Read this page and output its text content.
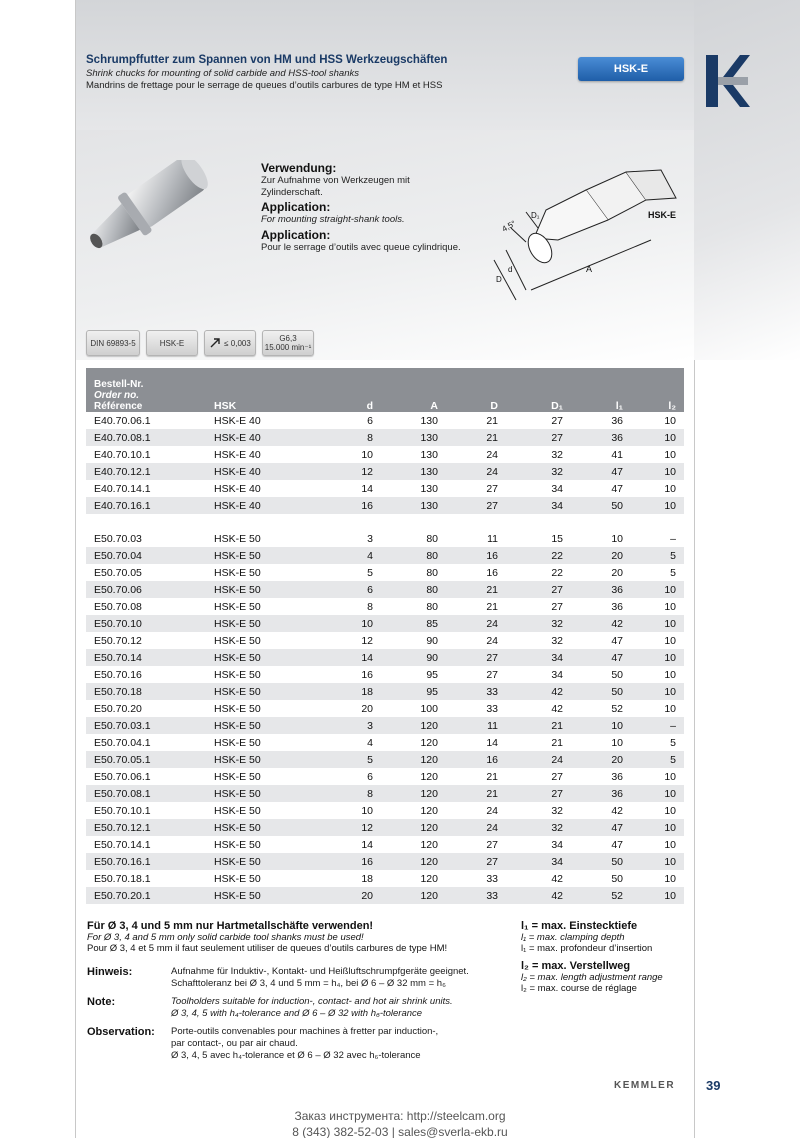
Schrumpffutter zum Spannen von HM und HSS Werkzeugschäften
Shrink chucks for mounting of solid carbide and HSS-tool shanks
Mandrins de frettage pour le serrage de queues d’outils carbures de type HM et HSS
HSK-E
Verwendung:
Zur Aufnahme von Werkzeugen mit Zylinderschaft.
Application:
For mounting straight-shank tools.
Application:
Pour le serrage d’outils avec queue cylindrique.
HSK-E
4,5°
D₁
d
D
A
DIN 69893-5	HSK-E	≤ 0,003	G6,3
15.000 min⁻¹
Bestell-Nr.
Order no.
Référence	HSK	d	A	D	D₁	l₁	l₂
E40.70.06.1	HSK-E 40	6	130	21	27	36	10
E40.70.08.1	HSK-E 40	8	130	21	27	36	10
E40.70.10.1	HSK-E 40	10	130	24	32	41	10
E40.70.12.1	HSK-E 40	12	130	24	32	47	10
E40.70.14.1	HSK-E 40	14	130	27	34	47	10
E40.70.16.1	HSK-E 40	16	130	27	34	50	10

E50.70.03	HSK-E 50	3	80	11	15	10	–
E50.70.04	HSK-E 50	4	80	16	22	20	5
E50.70.05	HSK-E 50	5	80	16	22	20	5
E50.70.06	HSK-E 50	6	80	21	27	36	10
E50.70.08	HSK-E 50	8	80	21	27	36	10
E50.70.10	HSK-E 50	10	85	24	32	42	10
E50.70.12	HSK-E 50	12	90	24	32	47	10
E50.70.14	HSK-E 50	14	90	27	34	47	10
E50.70.16	HSK-E 50	16	95	27	34	50	10
E50.70.18	HSK-E 50	18	95	33	42	50	10
E50.70.20	HSK-E 50	20	100	33	42	52	10
E50.70.03.1	HSK-E 50	3	120	11	21	10	–
E50.70.04.1	HSK-E 50	4	120	14	21	10	5
E50.70.05.1	HSK-E 50	5	120	16	24	20	5
E50.70.06.1	HSK-E 50	6	120	21	27	36	10
E50.70.08.1	HSK-E 50	8	120	21	27	36	10
E50.70.10.1	HSK-E 50	10	120	24	32	42	10
E50.70.12.1	HSK-E 50	12	120	24	32	47	10
E50.70.14.1	HSK-E 50	14	120	27	34	47	10
E50.70.16.1	HSK-E 50	16	120	27	34	50	10
E50.70.18.1	HSK-E 50	18	120	33	42	50	10
E50.70.20.1	HSK-E 50	20	120	33	42	52	10
Für Ø 3, 4 und 5 mm nur Hartmetallschäfte verwenden!
For Ø 3, 4 and 5 mm only solid carbide tool shanks must be used!
Pour Ø 3, 4 et 5 mm il faut seulement utiliser de queues d’outils carbures de type HM!
l₁ = max. Einstecktiefe
l₁ = max. clamping depth
l₁ = max. profondeur d’insertion
l₂ = max. Verstellweg
l₂ = max. length adjustment range
l₂ = max. course de réglage
Hinweis:	Aufnahme für Induktiv-, Kontakt- und Heißluftschrumpfgeräte geeignet.
Schafttoleranz bei Ø 3, 4 und 5 mm = h₄, bei Ø 6 – Ø 32 mm = h₆
Note:	Toolholders suitable for induction-, contact- and hot air shrink units.
Ø 3, 4, 5 with h₄-tolerance and Ø 6 – Ø 32 with h₆-tolerance
Observation:	Porte-outils convenables pour machines à fretter par induction-,
par contact-, ou par air chaud.
Ø 3, 4, 5 avec h₄-tolerance et Ø 6 – Ø 32 avec h₆-tolerance
KEMMLER 39
Заказ инструмента: http://steelcam.org
8 (343) 382-52-03 | sales@sverla-ekb.ru
